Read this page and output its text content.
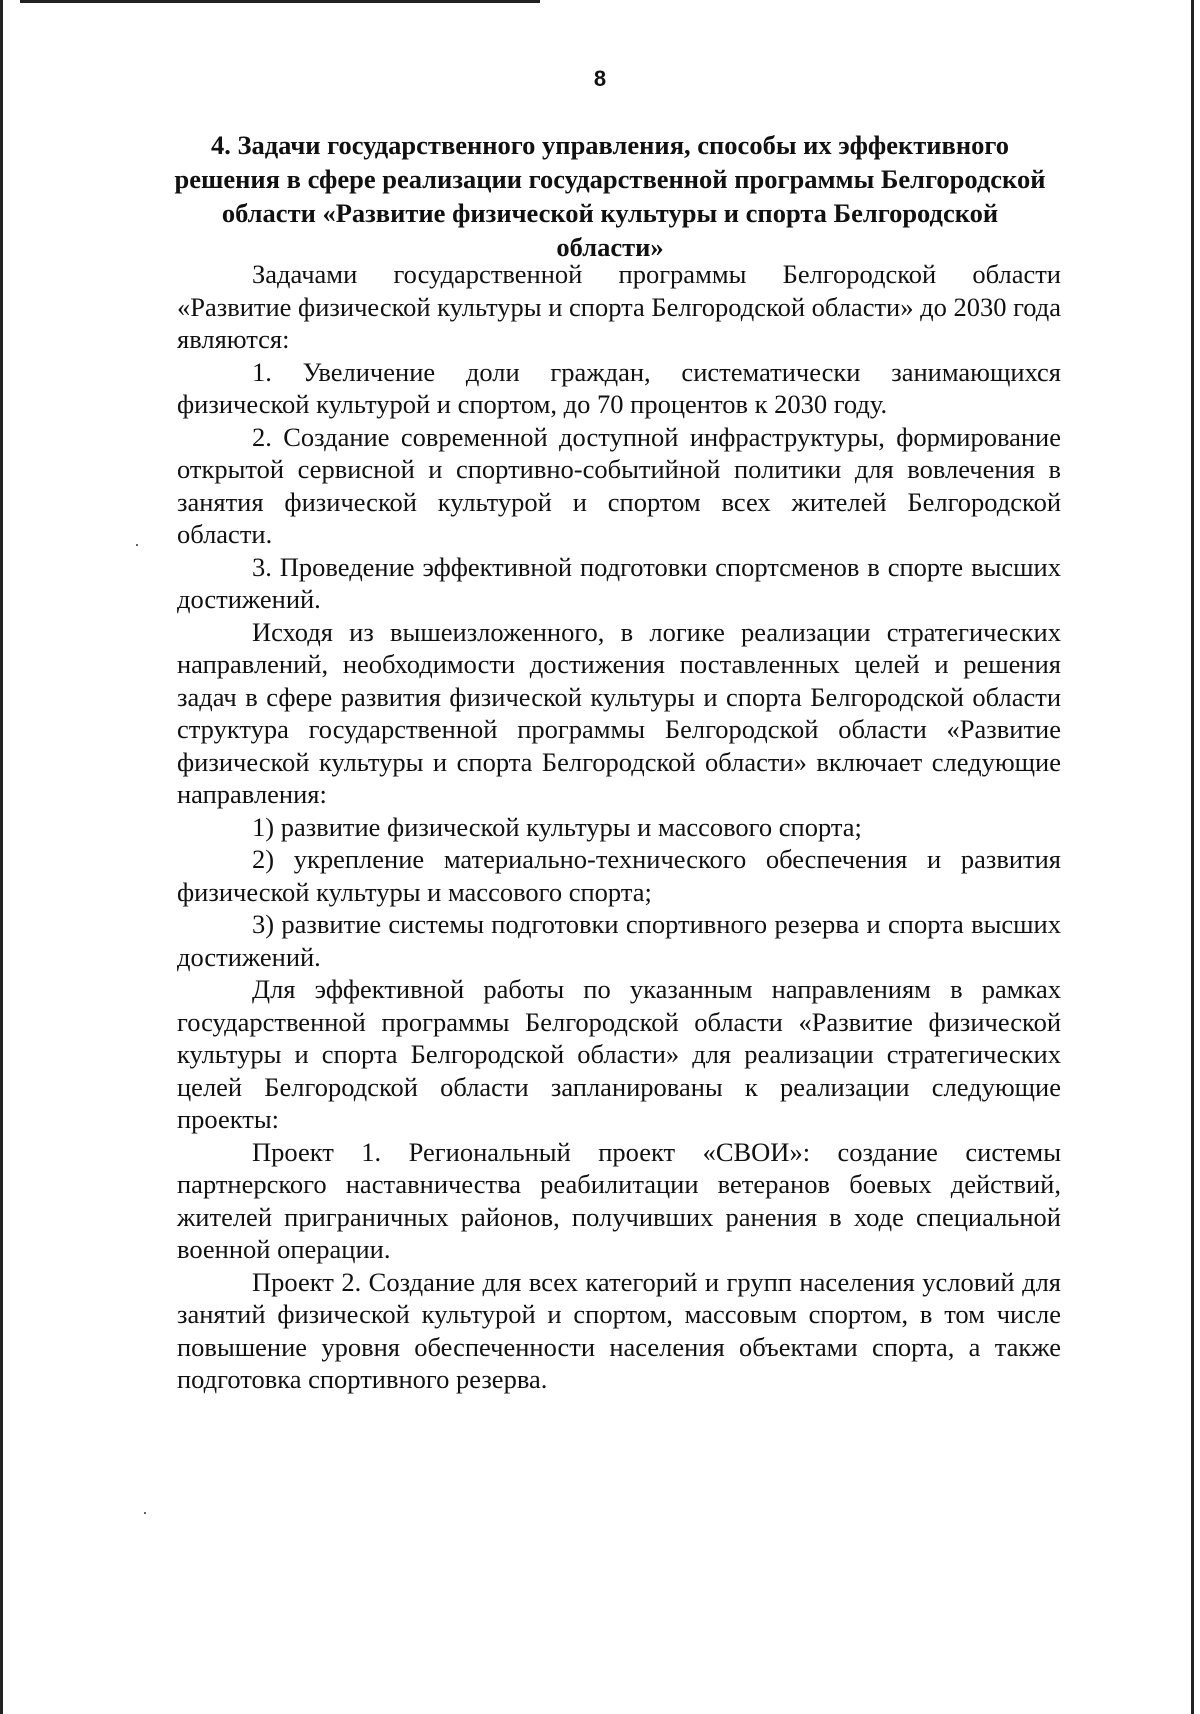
8
4. Задачи государственного управления, способы их эффективного решения в сфере реализации государственной программы Белгородской области «Развитие физической культуры и спорта Белгородской области»

Задачами государственной программы Белгородской области «Развитие физической культуры и спорта Белгородской области» до 2030 года являются:

1. Увеличение доли граждан, систематически занимающихся физической культурой и спортом, до 70 процентов к 2030 году.

2. Создание современной доступной инфраструктуры, формирование открытой сервисной и спортивно-событийной политики для вовлечения в занятия физической культурой и спортом всех жителей Белгородской области.

3. Проведение эффективной подготовки спортсменов в спорте высших достижений.

Исходя из вышеизложенного, в логике реализации стратегических направлений, необходимости достижения поставленных целей и решения задач в сфере развития физической культуры и спорта Белгородской области структура государственной программы Белгородской области «Развитие физической культуры и спорта Белгородской области» включает следующие направления:

1) развитие физической культуры и массового спорта;

2) укрепление материально-технического обеспечения и развития физической культуры и массового спорта;

3) развитие системы подготовки спортивного резерва и спорта высших достижений.

Для эффективной работы по указанным направлениям в рамках государственной программы Белгородской области «Развитие физической культуры и спорта Белгородской области» для реализации стратегических целей Белгородской области запланированы к реализации следующие проекты:

Проект 1. Региональный проект «СВОИ»: создание системы партнерского наставничества реабилитации ветеранов боевых действий, жителей приграничных районов, получивших ранения в ходе специальной военной операции.

Проект 2. Создание для всех категорий и групп населения условий для занятий физической культурой и спортом, массовым спортом, в том числе повышение уровня обеспеченности населения объектами спорта, а также подготовка спортивного резерва.
